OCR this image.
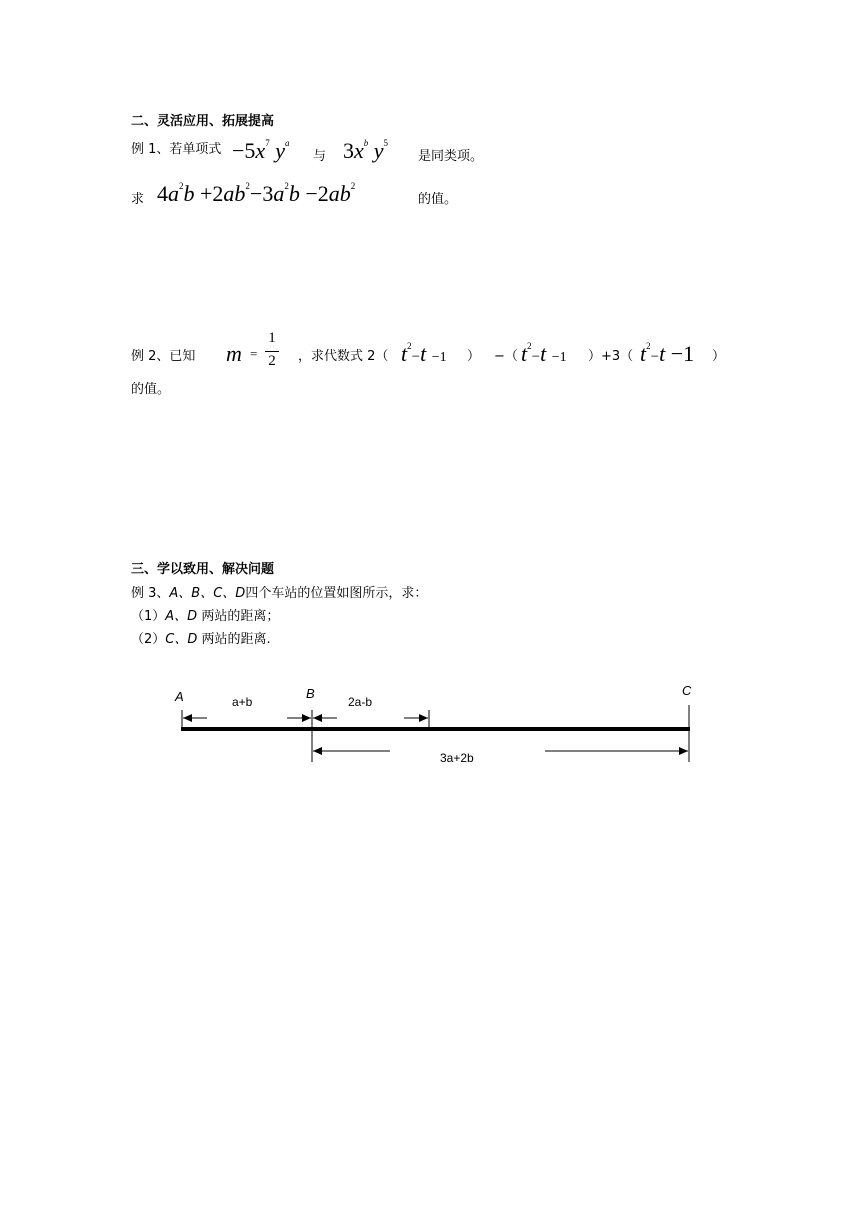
二、灵活应用、拓展提高
例 1、若单项式 $-5x^7$ $y^a$
与 $3x^b$ $y^5$
是同类项。
求 $4a^2b +2ab^2-3a^2b -2ab^2$
的值。
例 2、已知 m =
1
2 ，求代数式 2（ $t^2-t -1$ ） −（ $t^2-t -1$ ）+3（ $t^2-t -1$ ）
的值。
三、学以致用、解决问题
例 3、A、B、C、D四个车站的位置如图所示，求：
（1）A、D 两站的距离；
（2）C、D 两站的距离.
a+b	2a-b
3a+2b
A	B	C
